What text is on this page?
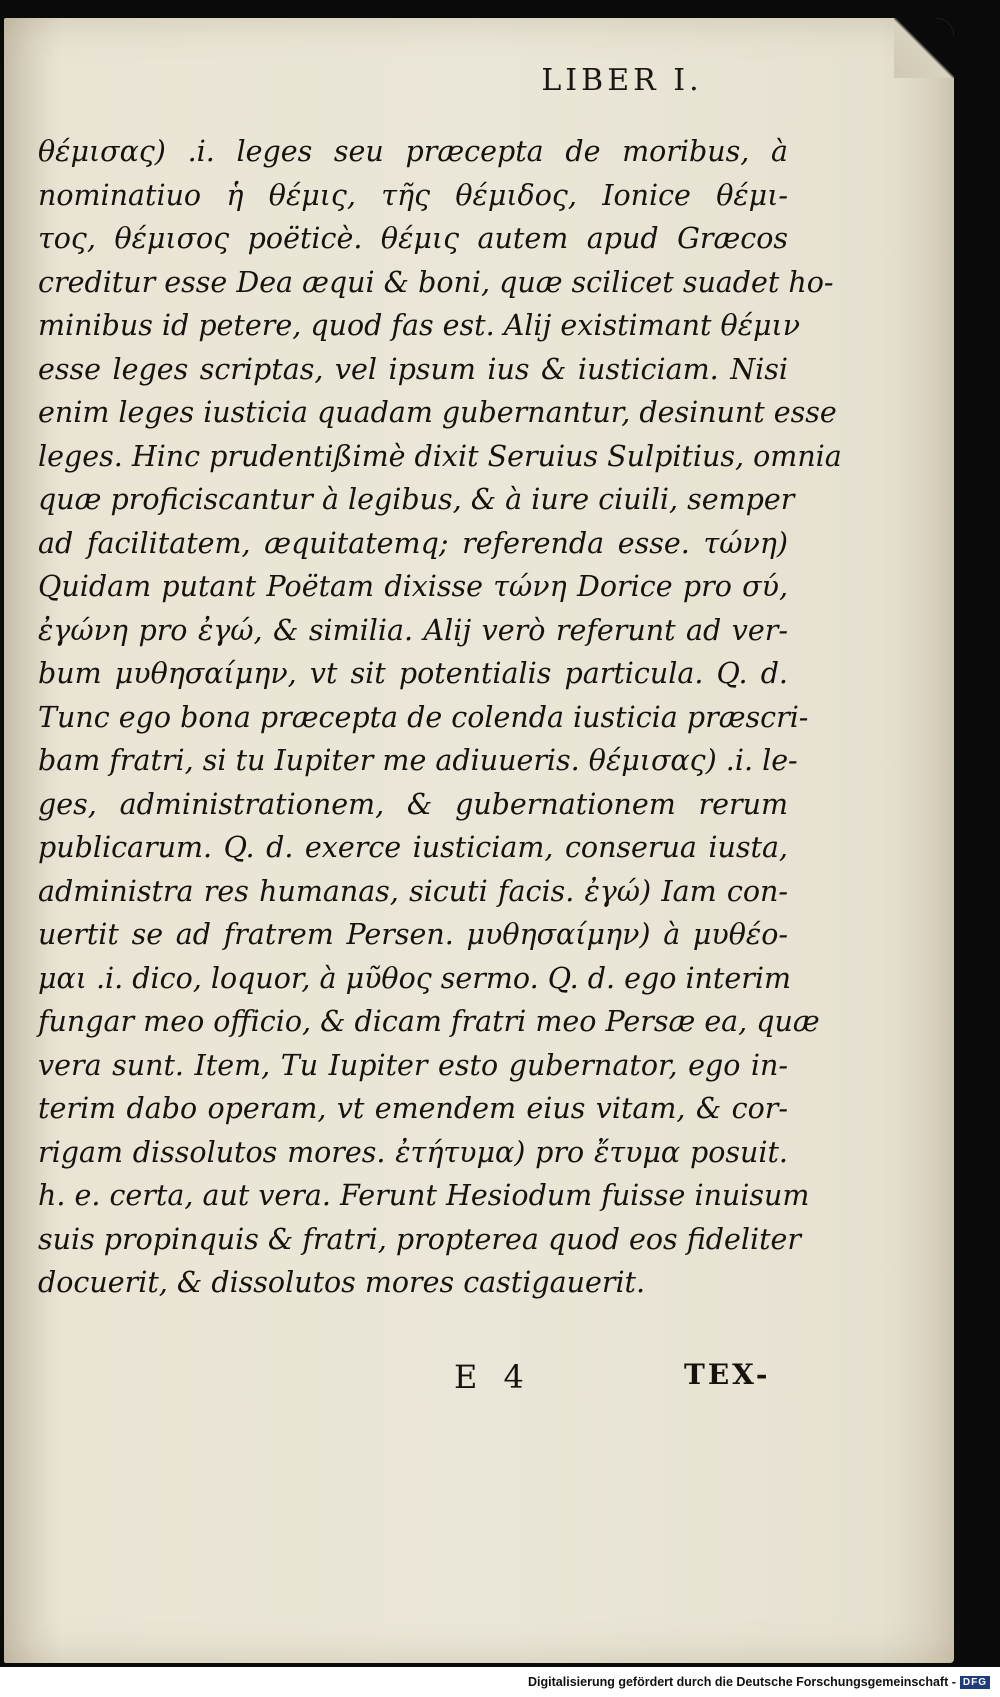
LIBER I.
θέμισας) .i. leges seu præcepta de moribus, à
nominatiuo ἡ θέμις, τῆς θέμιδος, Ionice θέμι-
τος, θέμισος poëticè. θέμις autem apud Græcos
creditur esse Dea æqui & boni, quæ scilicet suadet ho-
minibus id petere, quod fas est. Alij existimant θέμιν
esse leges scriptas, vel ipsum ius & iusticiam. Nisi
enim leges iusticia quadam gubernantur, desinunt esse
leges. Hinc prudentißimè dixit Seruius Sulpitius, omnia
quæ proficiscantur à legibus, & à iure ciuili, semper
ad facilitatem, æquitatemq; referenda esse. τώνη)
Quidam putant Poëtam dixisse τώνη Dorice pro σύ,
ἐγώνη pro ἐγώ, & similia. Alij verò referunt ad ver-
bum μυθησαίμην, vt sit potentialis particula. Q. d.
Tunc ego bona præcepta de colenda iusticia præscri-
bam fratri, si tu Iupiter me adiuueris. θέμισας) .i. le-
ges, administrationem, & gubernationem rerum
publicarum. Q. d. exerce iusticiam, conserua iusta,
administra res humanas, sicuti facis. ἐγώ) Iam con-
uertit se ad fratrem Persen. μυθησαίμην) à μυθέο-
μαι .i. dico, loquor, à μῦθος sermo. Q. d. ego interim
fungar meo officio, & dicam fratri meo Persæ ea, quæ
vera sunt. Item, Tu Iupiter esto gubernator, ego in-
terim dabo operam, vt emendem eius vitam, & cor-
rigam dissolutos mores. ἐτήτυμα) pro ἔτυμα posuit.
h. e. certa, aut vera. Ferunt Hesiodum fuisse inuisum
suis propinquis & fratri, propterea quod eos fideliter
docuerit, & dissolutos mores castigauerit.
E 4	TEX-
Digitalisierung gefördert durch die Deutsche Forschungsgemeinschaft - DFG
